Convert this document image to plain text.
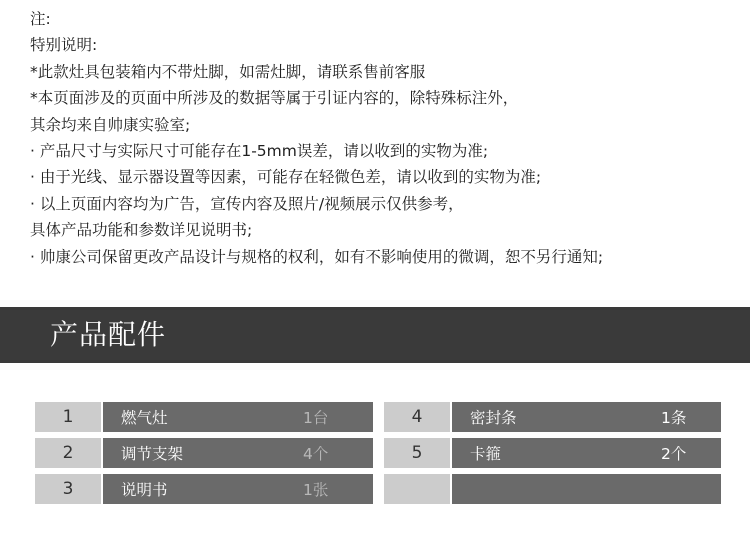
注:
特别说明:
*此款灶具包装箱内不带灶脚，如需灶脚，请联系售前客服
*本页面涉及的页面中所涉及的数据等属于引证内容的，除特殊标注外，
其余均来自帅康实验室;
· 产品尺寸与实际尺寸可能存在1-5mm误差，请以收到的实物为准;
· 由于光线、显示器设置等因素，可能存在轻微色差，请以收到的实物为准;
· 以上页面内容均为广告，宣传内容及照片/视频展示仅供参考，
具体产品功能和参数详见说明书;
· 帅康公司保留更改产品设计与规格的权利，如有不影响使用的微调，恕不另行通知;
产品配件
1	燃气灶	1台
2	调节支架	4个
3	说明书	1张
4	密封条	1条
5	卡箍	2个
